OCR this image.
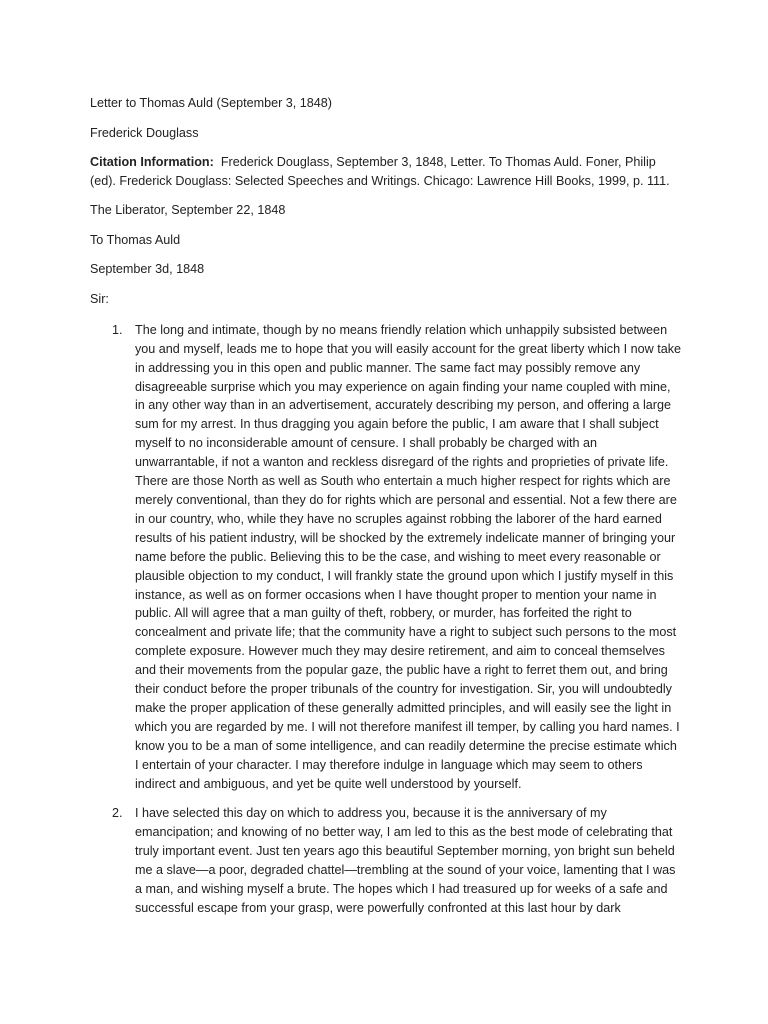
Letter to Thomas Auld (September 3, 1848)

Frederick Douglass

Citation Information: Frederick Douglass, September 3, 1848, Letter. To Thomas Auld. Foner, Philip (ed). Frederick Douglass: Selected Speeches and Writings. Chicago: Lawrence Hill Books, 1999, p. 111.

The Liberator, September 22, 1848

To Thomas Auld

September 3d, 1848

Sir:

1. The long and intimate, though by no means friendly relation which unhappily subsisted between you and myself, leads me to hope that you will easily account for the great liberty which I now take in addressing you in this open and public manner. The same fact may possibly remove any disagreeable surprise which you may experience on again finding your name coupled with mine, in any other way than in an advertisement, accurately describing my person, and offering a large sum for my arrest. In thus dragging you again before the public, I am aware that I shall subject myself to no inconsiderable amount of censure. I shall probably be charged with an unwarrantable, if not a wanton and reckless disregard of the rights and proprieties of private life. There are those North as well as South who entertain a much higher respect for rights which are merely conventional, than they do for rights which are personal and essential. Not a few there are in our country, who, while they have no scruples against robbing the laborer of the hard earned results of his patient industry, will be shocked by the extremely indelicate manner of bringing your name before the public. Believing this to be the case, and wishing to meet every reasonable or plausible objection to my conduct, I will frankly state the ground upon which I justify myself in this instance, as well as on former occasions when I have thought proper to mention your name in public. All will agree that a man guilty of theft, robbery, or murder, has forfeited the right to concealment and private life; that the community have a right to subject such persons to the most complete exposure. However much they may desire retirement, and aim to conceal themselves and their movements from the popular gaze, the public have a right to ferret them out, and bring their conduct before the proper tribunals of the country for investigation. Sir, you will undoubtedly make the proper application of these generally admitted principles, and will easily see the light in which you are regarded by me. I will not therefore manifest ill temper, by calling you hard names. I know you to be a man of some intelligence, and can readily determine the precise estimate which I entertain of your character. I may therefore indulge in language which may seem to others indirect and ambiguous, and yet be quite well understood by yourself.
2. I have selected this day on which to address you, because it is the anniversary of my emancipation; and knowing of no better way, I am led to this as the best mode of celebrating that truly important event. Just ten years ago this beautiful September morning, yon bright sun beheld me a slave—a poor, degraded chattel—trembling at the sound of your voice, lamenting that I was a man, and wishing myself a brute. The hopes which I had treasured up for weeks of a safe and successful escape from your grasp, were powerfully confronted at this last hour by dark
